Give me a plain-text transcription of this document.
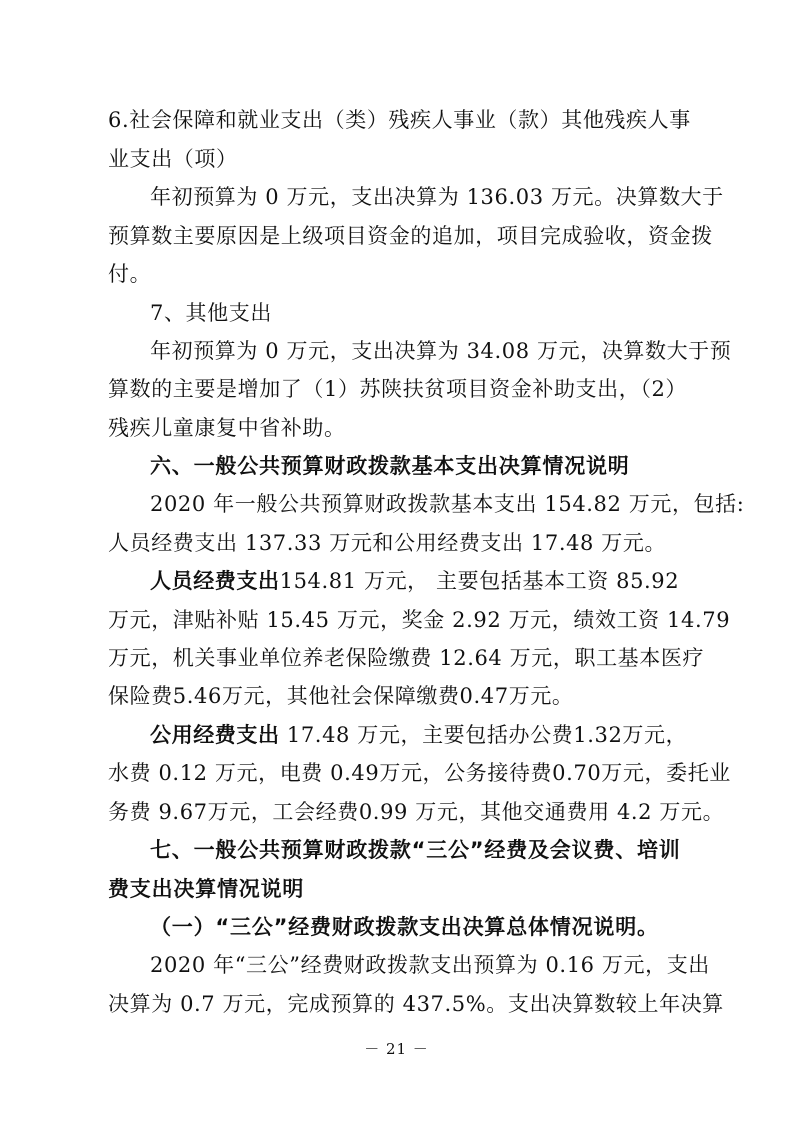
6.社会保障和就业支出（类）残疾人事业（款）其他残疾人事
业支出（项）
年初预算为 0 万元，支出决算为 136.03 万元。决算数大于
预算数主要原因是上级项目资金的追加，项目完成验收，资金拨
付。
7、其他支出
年初预算为 0 万元，支出决算为 34.08 万元，决算数大于预
算数的主要是增加了（1）苏陕扶贫项目资金补助支出，（2）
残疾儿童康复中省补助。
六、一般公共预算财政拨款基本支出决算情况说明
2020 年一般公共预算财政拨款基本支出 154.82 万元，包括:
人员经费支出 137.33 万元和公用经费支出 17.48 万元。
人员经费支出154.81 万元， 主要包括基本工资 85.92
万元，津贴补贴 15.45 万元，奖金 2.92 万元，绩效工资 14.79
万元，机关事业单位养老保险缴费 12.64 万元，职工基本医疗
保险费5.46万元，其他社会保障缴费0.47万元。
公用经费支出 17.48 万元，主要包括办公费1.32万元，
水费 0.12 万元，电费 0.49万元，公务接待费0.70万元，委托业
务费 9.67万元，工会经费0.99 万元，其他交通费用 4.2 万元。
七、一般公共预算财政拨款“三公”经费及会议费、培训
费支出决算情况说明
（一）“三公”经费财政拨款支出决算总体情况说明。
2020 年“三公”经费财政拨款支出预算为 0.16 万元，支出
决算为 0.7 万元，完成预算的 437.5%。支出决算数较上年决算
－ 21 －
